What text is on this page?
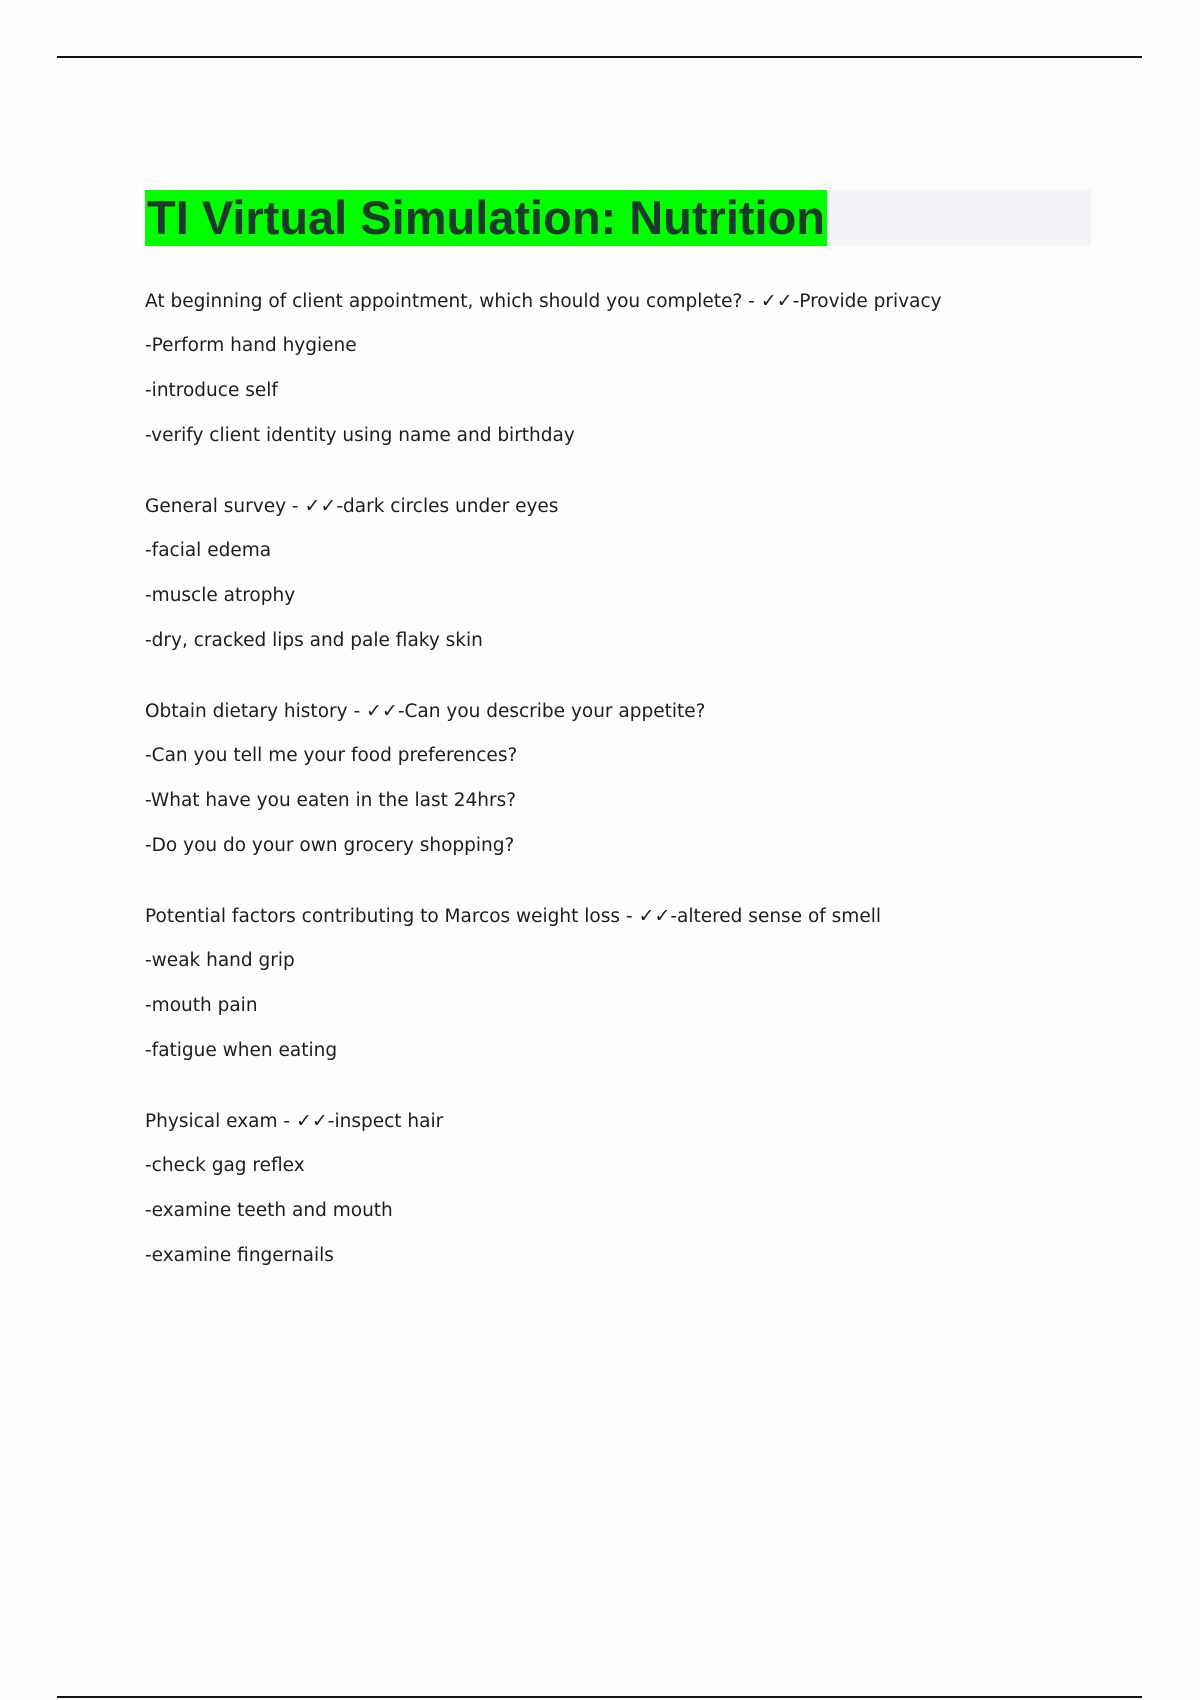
TI Virtual Simulation: Nutrition
At beginning of client appointment, which should you complete? - ✓✓-Provide privacy
-Perform hand hygiene
-introduce self
-verify client identity using name and birthday
General survey - ✓✓-dark circles under eyes
-facial edema
-muscle atrophy
-dry, cracked lips and pale flaky skin
Obtain dietary history - ✓✓-Can you describe your appetite?
-Can you tell me your food preferences?
-What have you eaten in the last 24hrs?
-Do you do your own grocery shopping?
Potential factors contributing to Marcos weight loss - ✓✓-altered sense of smell
-weak hand grip
-mouth pain
-fatigue when eating
Physical exam - ✓✓-inspect hair
-check gag reflex
-examine teeth and mouth
-examine fingernails
